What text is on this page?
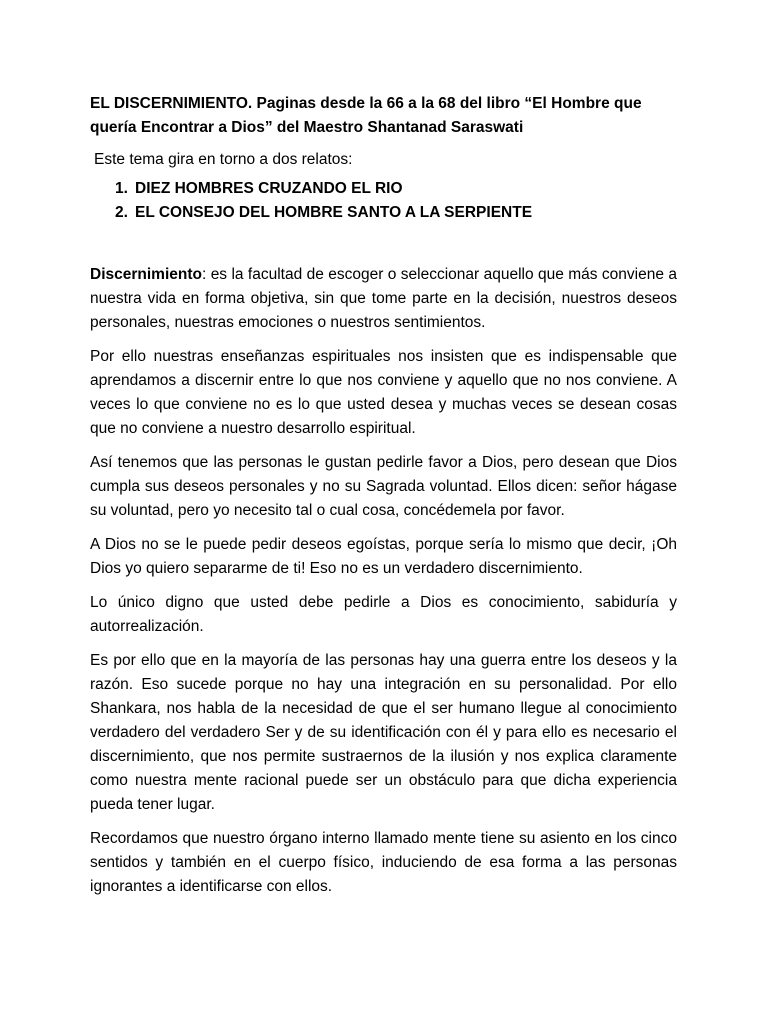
EL DISCERNIMIENTO. Paginas desde la 66 a la 68 del libro “El Hombre que quería Encontrar a Dios” del Maestro Shantanad Saraswati
Este tema gira en torno a dos relatos:
1. DIEZ HOMBRES CRUZANDO EL RIO
2. EL CONSEJO DEL HOMBRE SANTO A LA SERPIENTE

Discernimiento: es la facultad de escoger o seleccionar aquello que más conviene a nuestra vida en forma objetiva, sin que tome parte en la decisión, nuestros deseos personales, nuestras emociones o nuestros sentimientos.

Por ello nuestras enseñanzas espirituales nos insisten que es indispensable que aprendamos a discernir entre lo que nos conviene y aquello que no nos conviene. A veces lo que conviene no es lo que usted desea y muchas veces se desean cosas que no conviene a nuestro desarrollo espiritual.

Así tenemos que las personas le gustan pedirle favor a Dios, pero desean que Dios cumpla sus deseos personales y no su Sagrada voluntad. Ellos dicen: señor hágase su voluntad, pero yo necesito tal o cual cosa, concédemela por favor.

A Dios no se le puede pedir deseos egoístas, porque sería lo mismo que decir, ¡Oh Dios yo quiero separarme de ti! Eso no es un verdadero discernimiento.

Lo único digno que usted debe pedirle a Dios es conocimiento, sabiduría y autorrealización.

Es por ello que en la mayoría de las personas hay una guerra entre los deseos y la razón. Eso sucede porque no hay una integración en su personalidad. Por ello Shankara, nos habla de la necesidad de que el ser humano llegue al conocimiento verdadero del verdadero Ser y de su identificación con él y para ello es necesario el discernimiento, que nos permite sustraernos de la ilusión y nos explica claramente como nuestra mente racional puede ser un obstáculo para que dicha experiencia pueda tener lugar.

Recordamos que nuestro órgano interno llamado mente tiene su asiento en los cinco sentidos y también en el cuerpo físico, induciendo de esa forma a las personas ignorantes a identificarse con ellos.
